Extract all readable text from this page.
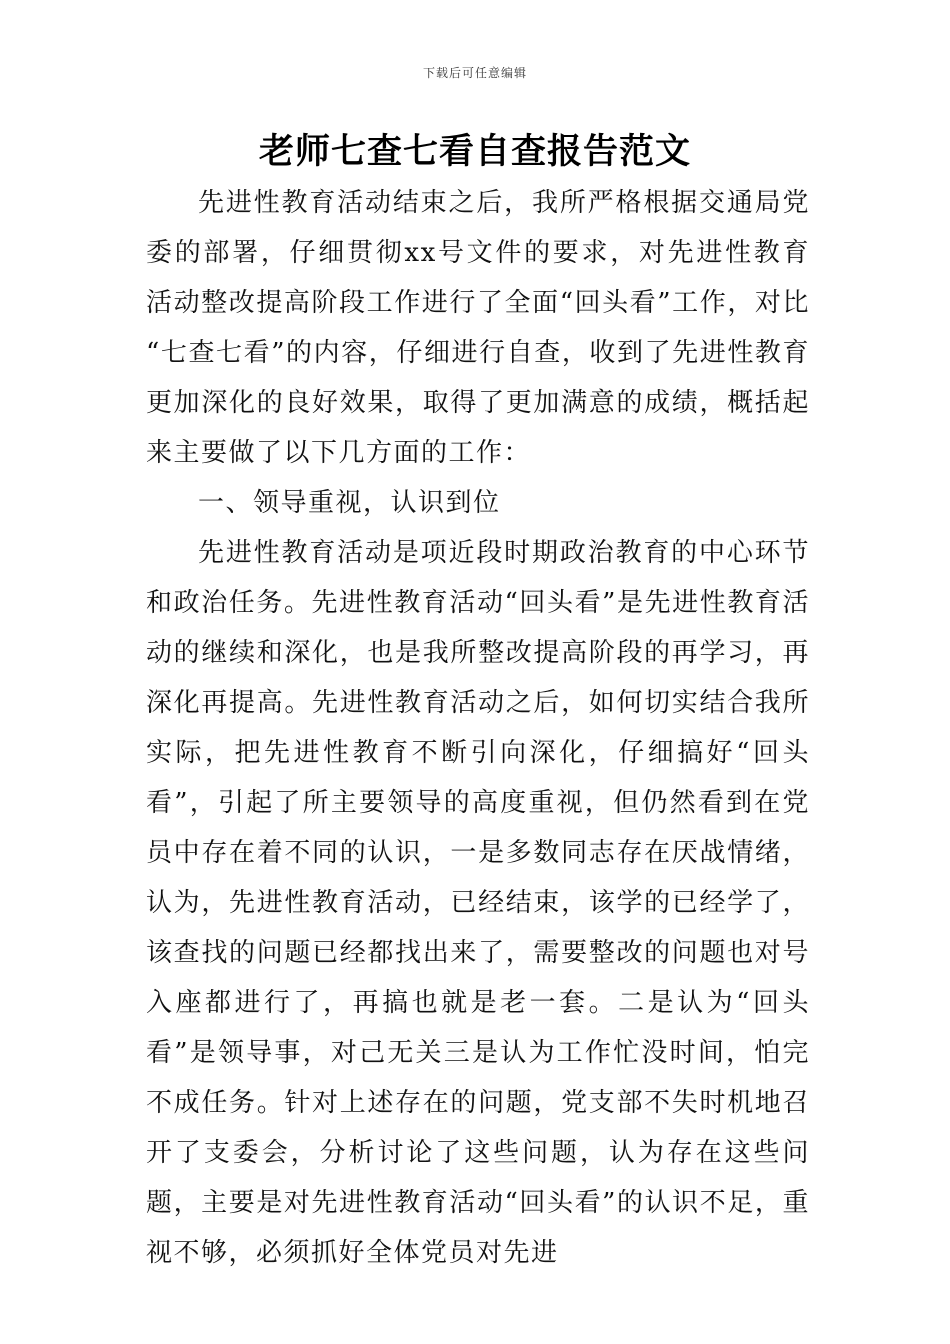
下载后可任意编辑
老师七查七看自查报告范文

先进性教育活动结束之后，我所严格根据交通局党委的部署，仔细贯彻xx号文件的要求，对先进性教育活动整改提高阶段工作进行了全面“回头看”工作，对比 “七查七看”的内容，仔细进行自查，收到了先进性教育更加深化的良好效果，取得了更加满意的成绩，概括起来主要做了以下几方面的工作：

一、领导重视，认识到位

先进性教育活动是项近段时期政治教育的中心环节和政治任务。先进性教育活动“回头看”是先进性教育活动的继续和深化，也是我所整改提高阶段的再学习，再深化再提高。先进性教育活动之后，如何切实结合我所实际，把先进性教育不断引向深化，仔细搞好“回头看”，引起了所主要领导的高度重视，但仍然看到在党员中存在着不同的认识，一是多数同志存在厌战情绪，认为，先进性教育活动，已经结束，该学的已经学了，该查找的问题已经都找出来了，需要整改的问题也对号入座都进行了，再搞也就是老一套。二是认为“回头看”是领导事，对己无关三是认为工作忙没时间，怕完不成任务。针对上述存在的问题，党支部不失时机地召开了支委会，分析讨论了这些问题，认为存在这些问题，主要是对先进性教育活动“回头看”的认识不足，重视不够，必须抓好全体党员对先进
